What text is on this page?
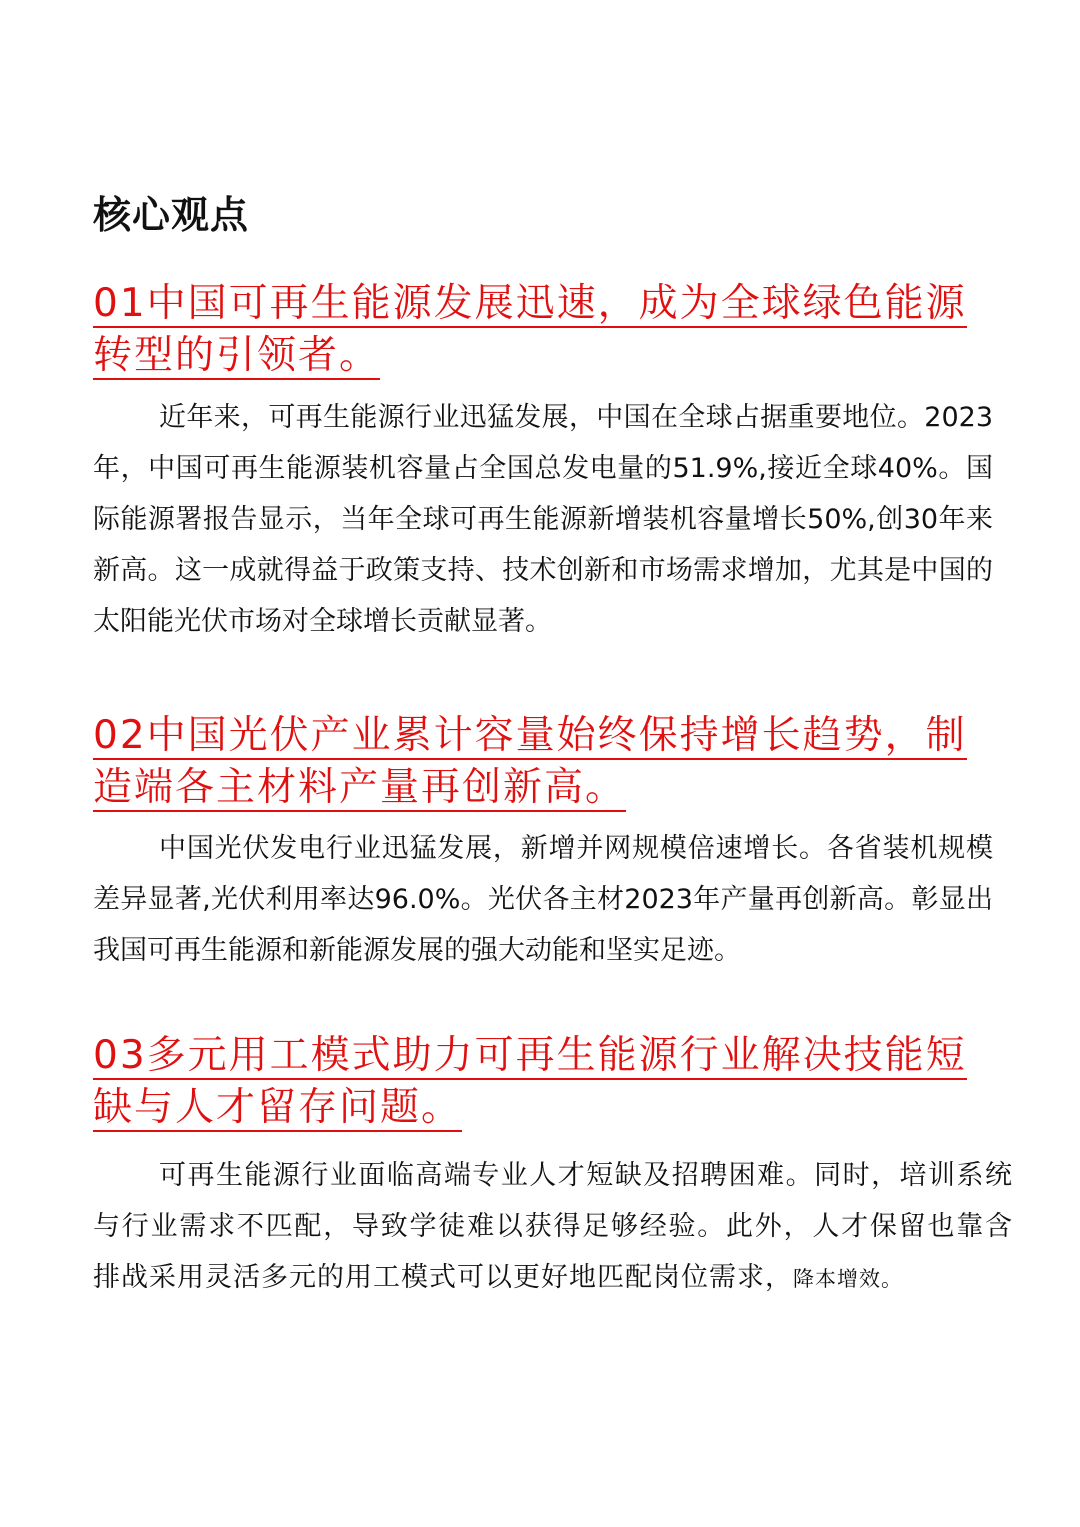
核心观点
01中国可再生能源发展迅速，成为全球绿色能源转型的引领者。

近年来，可再生能源行业迅猛发展，中国在全球占据重要地位。2023年，中国可再生能源装机容量占全国总发电量的51.9%,接近全球40%。国际能源署报告显示，当年全球可再生能源新增装机容量增长50%,创30年来新高。这一成就得益于政策支持、技术创新和市场需求增加，尤其是中国的太阳能光伏市场对全球增长贡献显著。

02中国光伏产业累计容量始终保持增长趋势，制造端各主材料产量再创新高。

中国光伏发电行业迅猛发展，新增并网规模倍速增长。各省装机规模差异显著,光伏利用率达96.0%。光伏各主材2023年产量再创新高。彰显出我国可再生能源和新能源发展的强大动能和坚实足迹。

03多元用工模式助力可再生能源行业解决技能短缺与人才留存问题。

可再生能源行业面临高端专业人才短缺及招聘困难。同时，培训系统与行业需求不匹配，导致学徒难以获得足够经验。此外，人才保留也靠含排战采用灵活多元的用工模式可以更好地匹配岗位需求，降本增效。
